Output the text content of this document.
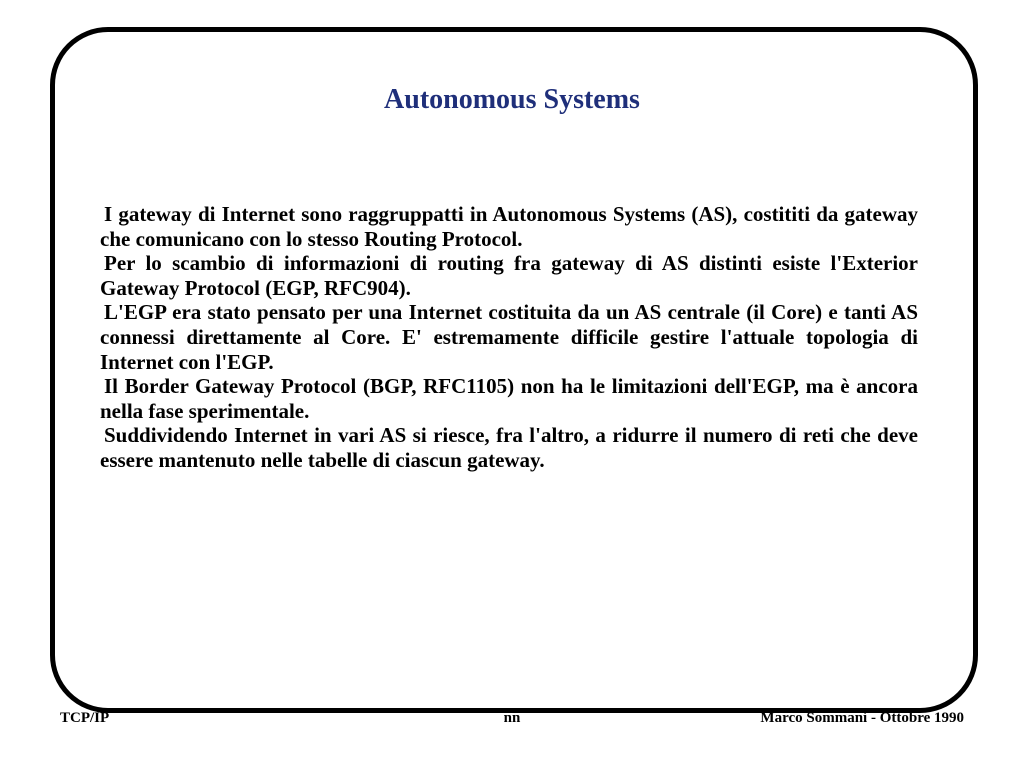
Autonomous Systems

I gateway di Internet sono raggruppatti in Autonomous Systems (AS), costititi da gateway che comunicano con lo stesso Routing Protocol.

Per lo scambio di informazioni di routing fra gateway di AS distinti esiste l'Exterior Gateway Protocol (EGP, RFC904).

L'EGP era stato pensato per una Internet costituita da un AS centrale (il Core) e tanti AS connessi direttamente al Core. E' estremamente difficile gestire l'attuale topologia di Internet con l'EGP.

Il Border Gateway Protocol (BGP, RFC1105) non ha le limitazioni dell'EGP, ma è ancora nella fase sperimentale.

Suddividendo Internet in vari AS si riesce, fra l'altro, a ridurre il numero di reti che deve essere mantenuto nelle tabelle di ciascun gateway.

TCP/IP	nn	Marco Sommani - Ottobre 1990
